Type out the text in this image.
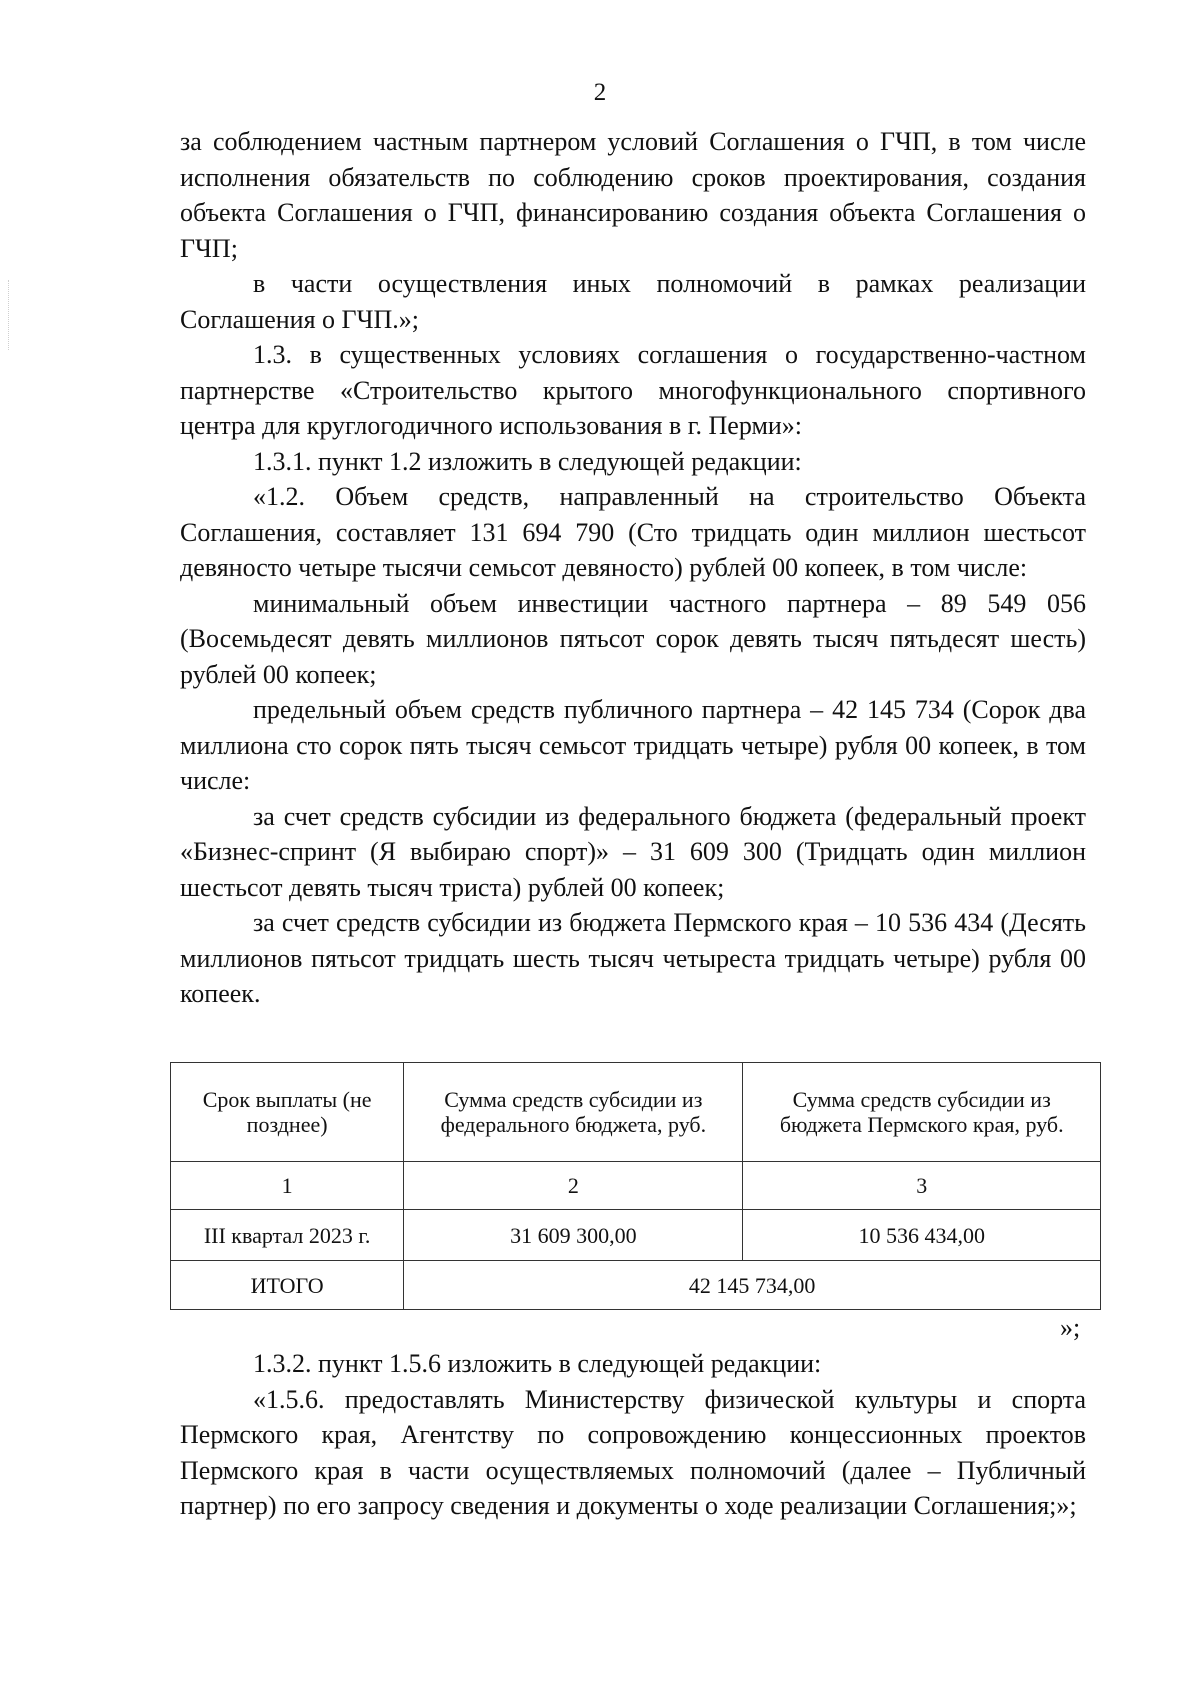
2

за соблюдением частным партнером условий Соглашения о ГЧП, в том числе исполнения обязательств по соблюдению сроков проектирования, создания объекта Соглашения о ГЧП, финансированию создания объекта Соглашения о ГЧП;

в части осуществления иных полномочий в рамках реализации Соглашения о ГЧП.»;

1.3. в существенных условиях соглашения о государственно-частном партнерстве «Строительство крытого многофункционального спортивного центра для круглогодичного использования в г. Перми»:

1.3.1. пункт 1.2 изложить в следующей редакции:

«1.2. Объем средств, направленный на строительство Объекта Соглашения, составляет 131 694 790 (Сто тридцать один миллион шестьсот девяносто четыре тысячи семьсот девяносто) рублей 00 копеек, в том числе:

минимальный объем инвестиции частного партнера – 89 549 056 (Восемьдесят девять миллионов пятьсот сорок девять тысяч пятьдесят шесть) рублей 00 копеек;

предельный объем средств публичного партнера – 42 145 734 (Сорок два миллиона сто сорок пять тысяч семьсот тридцать четыре) рубля 00 копеек, в том числе:

за счет средств субсидии из федерального бюджета (федеральный проект «Бизнес-спринт (Я выбираю спорт)» – 31 609 300 (Тридцать один миллион шестьсот девять тысяч триста) рублей 00 копеек;

за счет средств субсидии из бюджета Пермского края – 10 536 434 (Десять миллионов пятьсот тридцать шесть тысяч четыреста тридцать четыре) рубля 00 копеек.

Срок выплаты (не позднее)	Сумма средств субсидии из федерального бюджета, руб.	Сумма средств субсидии из бюджета Пермского края, руб.
1	2	3
III квартал 2023 г.	31 609 300,00	10 536 434,00
ИТОГО	42 145 734,00	
»;

1.3.2. пункт 1.5.6 изложить в следующей редакции:

«1.5.6. предоставлять Министерству физической культуры и спорта Пермского края, Агентству по сопровождению концессионных проектов Пермского края в части осуществляемых полномочий (далее – Публичный партнер) по его запросу сведения и документы о ходе реализации Соглашения;»;
